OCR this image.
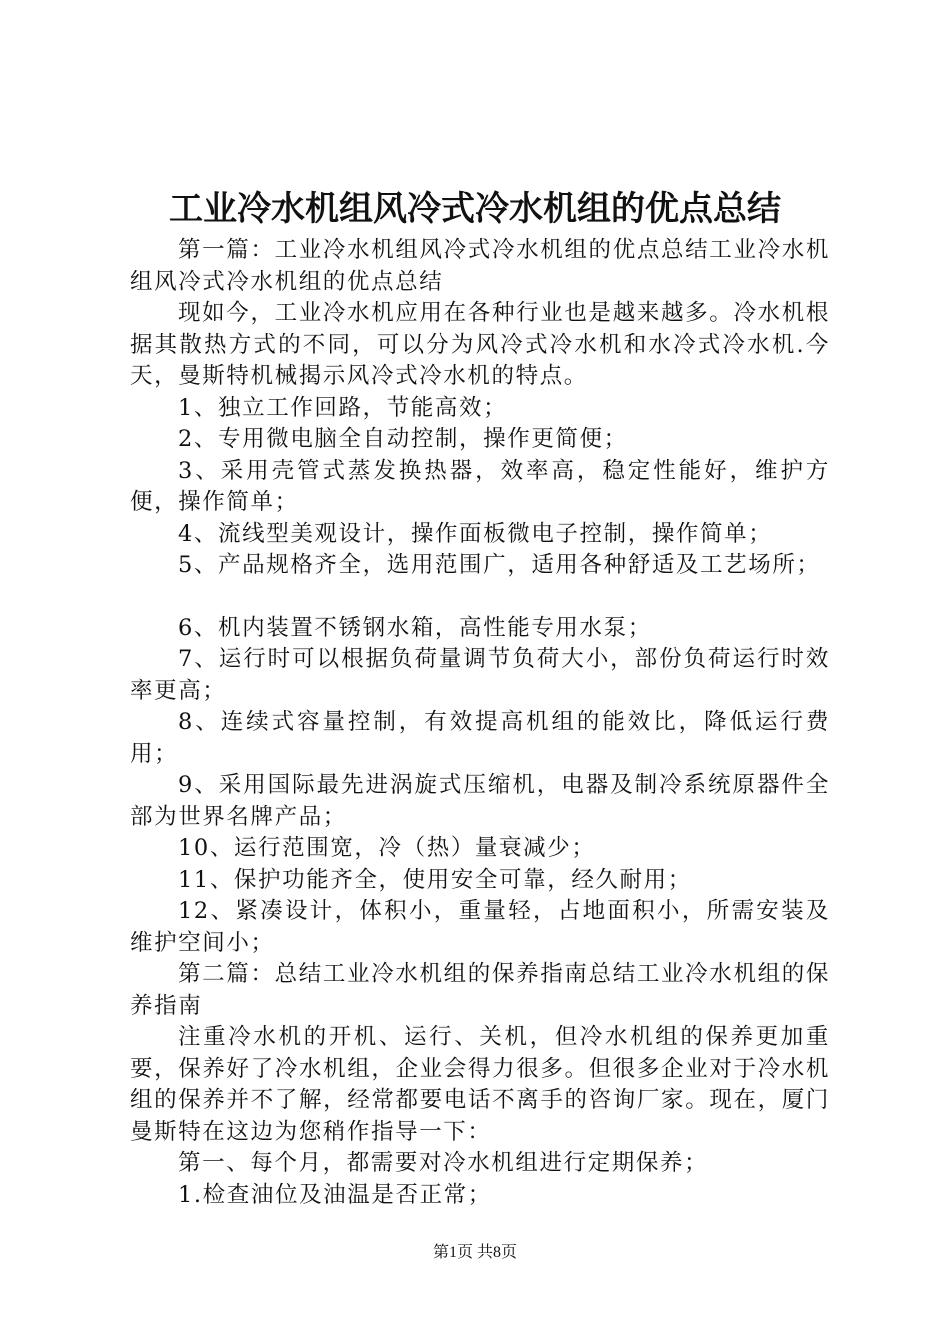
工业冷水机组风冷式冷水机组的优点总结

第一篇：工业冷水机组风冷式冷水机组的优点总结工业冷水机组风冷式冷水机组的优点总结

现如今，工业冷水机应用在各种行业也是越来越多。冷水机根据其散热方式的不同，可以分为风冷式冷水机和水冷式冷水机.今天，曼斯特机械揭示风冷式冷水机的特点。

1、独立工作回路，节能高效；

2、专用微电脑全自动控制，操作更简便；

3、采用壳管式蒸发换热器，效率高，稳定性能好，维护方便，操作简单；

4、流线型美观设计，操作面板微电子控制，操作简单；

5、产品规格齐全，选用范围广，适用各种舒适及工艺场所；

6、机内装置不锈钢水箱，高性能专用水泵；

7、运行时可以根据负荷量调节负荷大小，部份负荷运行时效率更高；

8、连续式容量控制，有效提高机组的能效比，降低运行费用；

9、采用国际最先进涡旋式压缩机，电器及制冷系统原器件全部为世界名牌产品；

10、运行范围宽，冷（热）量衰减少；

11、保护功能齐全，使用安全可靠，经久耐用；

12、紧凑设计，体积小，重量轻，占地面积小，所需安装及维护空间小；

第二篇：总结工业冷水机组的保养指南总结工业冷水机组的保养指南

注重冷水机的开机、运行、关机，但冷水机组的保养更加重要，保养好了冷水机组，企业会得力很多。但很多企业对于冷水机组的保养并不了解，经常都要电话不离手的咨询厂家。现在，厦门曼斯特在这边为您稍作指导一下：

第一、每个月，都需要对冷水机组进行定期保养；

1.检查油位及油温是否正常；

第1页 共8页
